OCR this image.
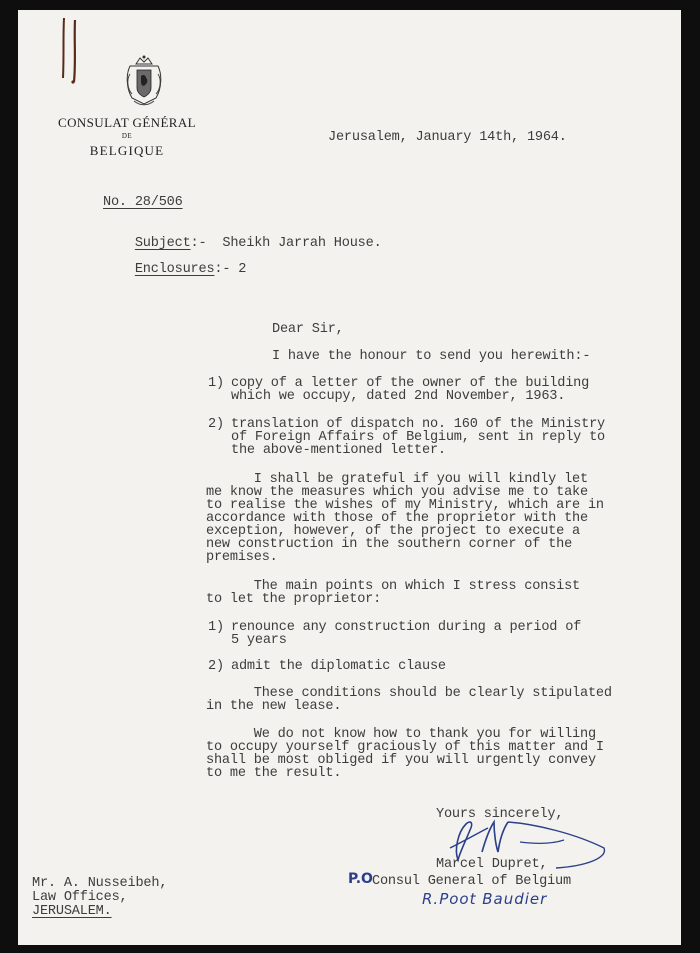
CONSULAT GÉNÉRAL
DE
BELGIQUE
Jerusalem, January 14th, 1964.
No. 28/506

Subject:-  Sheikh Jarrah House.

Enclosures:- 2

Dear Sir,
I have the honour to send you herewith:-
1) copy of a letter of the owner of the building
which we occupy, dated 2nd November, 1963.
2) translation of dispatch no. 160 of the Ministry
of Foreign Affairs of Belgium, sent in reply to
the above-mentioned letter.
I shall be grateful if you will kindly let
me know the measures which you advise me to take
to realise the wishes of my Ministry, which are in
accordance with those of the proprietor with the
exception, however, of the project to execute a
new construction in the southern corner of the
premises.
The main points on which I stress consist
to let the proprietor:
1) renounce any construction during a period of
5 years
2) admit the diplomatic clause
These conditions should be clearly stipulated
in the new lease.
We do not know how to thank you for willing
to occupy yourself graciously of this matter and I
shall be most obliged if you will urgently convey
to me the result.
Yours sincerely,
Marcel Dupret,
P.O Consul General of Belgium
R.Poot Baudier
Mr. A. Nusseibeh,
Law Offices,
JERUSALEM.
